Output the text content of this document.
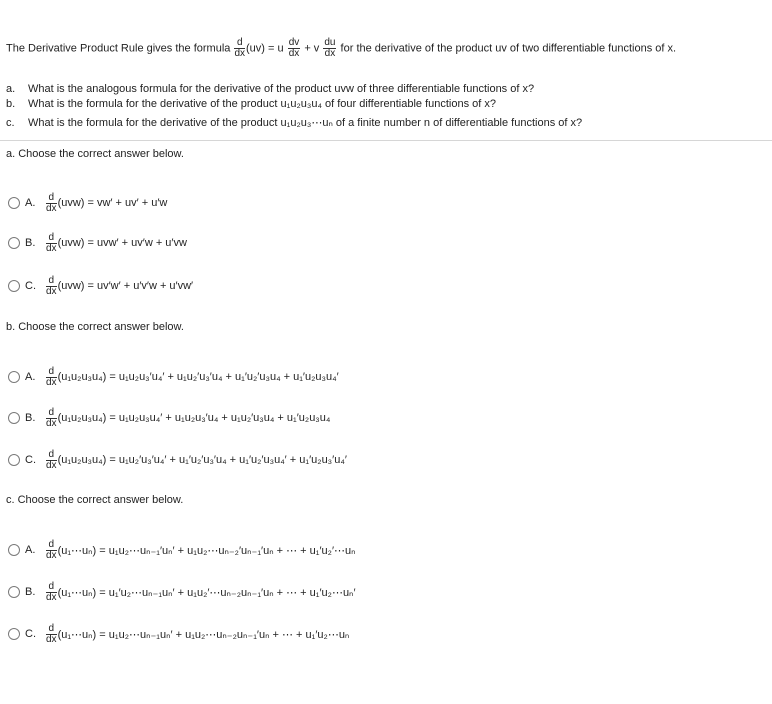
The Derivative Product Rule gives the formula $\frac{d}{dx} (uv) = u \frac{dv}{dx} + v \frac{du}{dx}$ for the derivative of the product uv of two differentiable functions of x.
a. What is the analogous formula for the derivative of the product uvw of three differentiable functions of x?
b. What is the formula for the derivative of the product u₁u₂u₃u₄ of four differentiable functions of x?
c. What is the formula for the derivative of the product u₁u₂u₃⋯uₙ of a finite number n of differentiable functions of x?
a. Choose the correct answer below.
A.	$\frac{d}{dx} (uvw) = vw' + uv' + u'w$
B.	$\frac{d}{dx} (uvw) = uvw' + uv'w + u'vw$
C.	$\frac{d}{dx} (uvw) = uv'w' + u'v'w + u'vw'$
b. Choose the correct answer below.
A.	$\frac{d}{dx} (u_1u_2u_3u_4) = u_1u_2u_3'u_4' + u_1u_2'u_3'u_4 + u_1'u_2'u_3u_4 + u_1'u_2u_3u_4'$
B.	$\frac{d}{dx} (u_1u_2u_3u_4) = u_1u_2u_3u_4' + u_1u_2u_3'u_4 + u_1u_2'u_3u_4 + u_1'u_2u_3u_4$
C.	$\frac{d}{dx} (u_1u_2u_3u_4) = u_1u_2'u_3'u_4' + u_1'u_2'u_3'u_4 + u_1'u_2'u_3u_4' + u_1'u_2u_3'u_4'$
c. Choose the correct answer below.
A.	$\frac{d}{dx}$ (u₁⋯uₙ) = u₁u₂⋯uₙ₋₁′uₙ′ + u₁u₂⋯uₙ₋₂′uₙ₋₁′uₙ + ⋯ + u₁′u₂′⋯uₙ
B.	$\frac{d}{dx}$ (u₁⋯uₙ) = u₁′u₂⋯uₙ₋₁uₙ′ + u₁u₂′⋯uₙ₋₂uₙ₋₁′uₙ + ⋯ + u₁′u₂⋯uₙ′
C.	$\frac{d}{dx}$ (u₁⋯uₙ) = u₁u₂⋯uₙ₋₁uₙ′ + u₁u₂⋯uₙ₋₂uₙ₋₁′uₙ + ⋯ + u₁′u₂⋯uₙ
